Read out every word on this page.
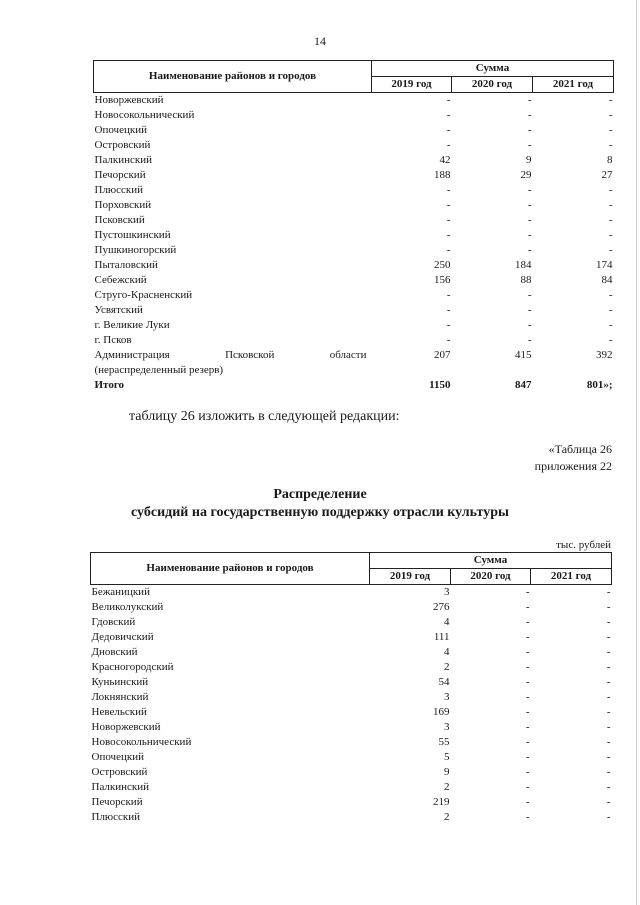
14
Наименование районов и городов	Сумма		
	2019 год	2020 год	2021 год
Новоржевский	-	-	-
Новосокольнический	-	-	-
Опочецкий	-	-	-
Островский	-	-	-
Палкинский	42	9	8
Печорский	188	29	27
Плюсский	-	-	-
Порховский	-	-	-
Псковский	-	-	-
Пустошкинский	-	-	-
Пушкиногорский	-	-	-
Пыталовский	250	184	174
Себежский	156	88	84
Струго-Красненский	-	-	-
Усвятский	-	-	-
г. Великие Луки	-	-	-
г. Псков	-	-	-

Администрация Псковской области	207	415	392
(нераспределенный резерв)			
Итого	1150	847	801»;
таблицу 26 изложить в следующей редакции:
«Таблица 26
приложения 22
Распределение
субсидий на государственную поддержку отрасли культуры
тыс. рублей
Наименование районов и городов	Сумма		
	2019 год	2020 год	2021 год
Бежаницкий	3	-	-
Великолукский	276	-	-
Гдовский	4	-	-
Дедовичский	111	-	-
Дновский	4	-	-
Красногородский	2	-	-
Куньинский	54	-	-
Локнянский	3	-	-
Невельский	169	-	-
Новоржевский	3	-	-
Новосокольнический	55	-	-
Опочецкий	5	-	-
Островский	9	-	-
Палкинский	2	-	-
Печорский	219	-	-
Плюсский	2	-	-
